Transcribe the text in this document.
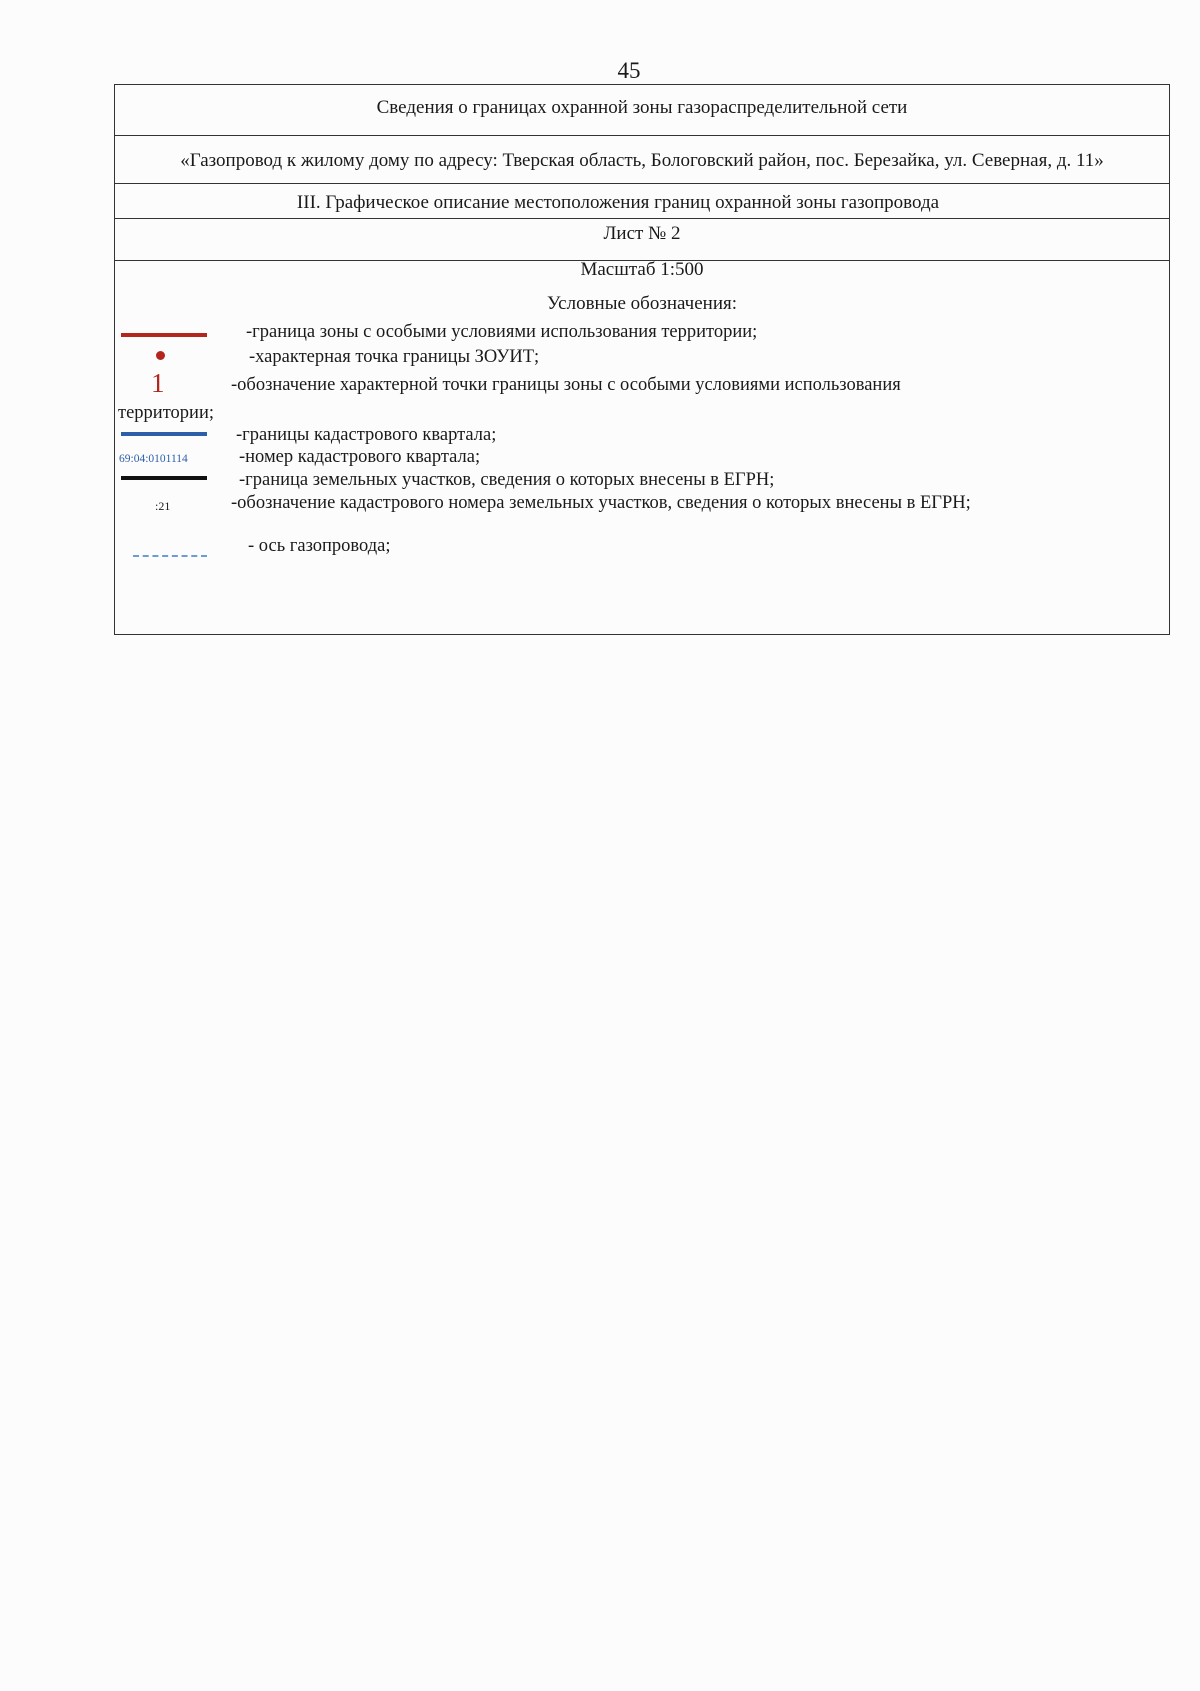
45
Сведения о границах охранной зоны газораспределительной сети
«Газопровод к жилому дому по адресу: Тверская область, Бологовский район, пос. Березайка, ул. Северная, д. 11»
III. Графическое описание местоположения границ охранной зоны газопровода
Лист № 2
Масштаб 1:500
Условные обозначения:
-граница зоны с особыми условиями использования территории;
-характерная точка границы ЗОУИТ;
1	-обозначение характерной точки границы зоны с особыми условиями использования
территории;
-границы кадастрового квартала;
69:04:0101114	-номер кадастрового квартала;
-граница земельных участков, сведения о которых внесены в ЕГРН;
:21	-обозначение кадастрового номера земельных участков, сведения о которых внесены в ЕГРН;
- ось газопровода;
